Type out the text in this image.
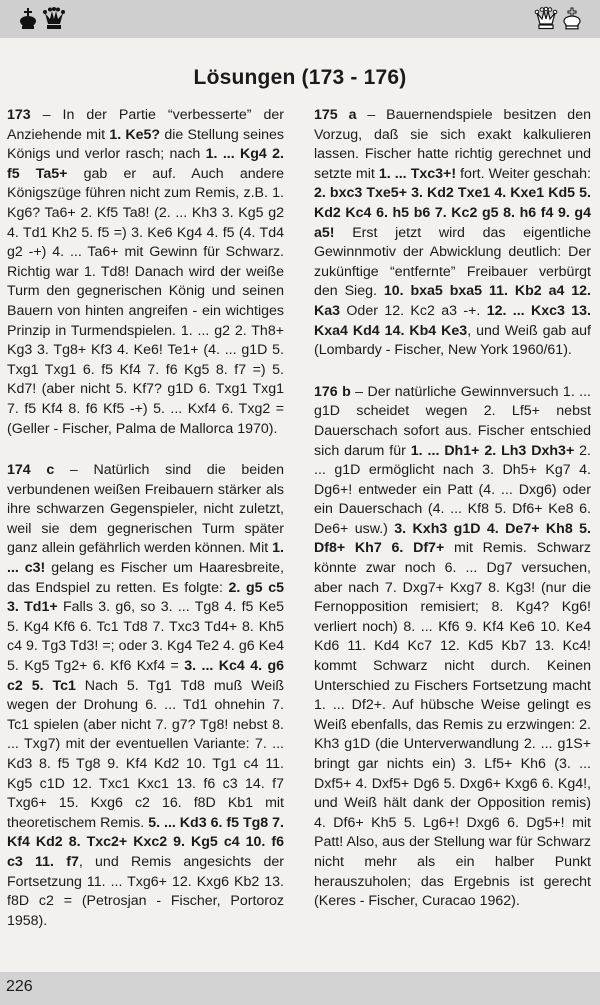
Lösungen (173 - 176)

173 – In der Partie “verbesserte” der Anziehende mit 1. Ke5? die Stellung seines Königs und verlor rasch; nach 1. ... Kg4 2. f5 Ta5+ gab er auf. Auch andere Königszüge führen nicht zum Remis, z.B. 1. Kg6? Ta6+ 2. Kf5 Ta8! (2. ... Kh3 3. Kg5 g2 4. Td1 Kh2 5. f5 =) 3. Ke6 Kg4 4. f5 (4. Td4 g2 -+) 4. ... Ta6+ mit Gewinn für Schwarz. Richtig war 1. Td8! Danach wird der weiße Turm den gegnerischen König und seinen Bauern von hinten angreifen - ein wichtiges Prinzip in Turmendspielen. 1. ... g2 2. Th8+ Kg3 3. Tg8+ Kf3 4. Ke6! Te1+ (4. ... g1D 5. Txg1 Txg1 6. f5 Kf4 7. f6 Kg5 8. f7 =) 5. Kd7! (aber nicht 5. Kf7? g1D 6. Txg1 Txg1 7. f5 Kf4 8. f6 Kf5 -+) 5. ... Kxf4 6. Txg2 = (Geller - Fischer, Palma de Mallorca 1970).

174 c – Natürlich sind die beiden verbundenen weißen Freibauern stärker als ihre schwarzen Gegenspieler, nicht zuletzt, weil sie dem gegnerischen Turm später ganz allein gefährlich werden können. Mit 1. ... c3! gelang es Fischer um Haaresbreite, das Endspiel zu retten. Es folgte: 2. g5 c5 3. Td1+ Falls 3. g6, so 3. ... Tg8 4. f5 Ke5 5. Kg4 Kf6 6. Tc1 Td8 7. Txc3 Td4+ 8. Kh5 c4 9. Tg3 Td3! =; oder 3. Kg4 Te2 4. g6 Ke4 5. Kg5 Tg2+ 6. Kf6 Kxf4 = 3. ... Kc4 4. g6 c2 5. Tc1 Nach 5. Tg1 Td8 muß Weiß wegen der Drohung 6. ... Td1 ohnehin 7. Tc1 spielen (aber nicht 7. g7? Tg8! nebst 8. ... Txg7) mit der eventuellen Variante: 7. ... Kd3 8. f5 Tg8 9. Kf4 Kd2 10. Tg1 c4 11. Kg5 c1D 12. Txc1 Kxc1 13. f6 c3 14. f7 Txg6+ 15. Kxg6 c2 16. f8D Kb1 mit theoretischem Remis. 5. ... Kd3 6. f5 Tg8 7. Kf4 Kd2 8. Txc2+ Kxc2 9. Kg5 c4 10. f6 c3 11. f7, und Remis angesichts der Fortsetzung 11. ... Txg6+ 12. Kxg6 Kb2 13. f8D c2 = (Petrosjan - Fischer, Portoroz 1958).

175 a – Bauernendspiele besitzen den Vorzug, daß sie sich exakt kalkulieren lassen. Fischer hatte richtig gerechnet und setzte mit 1. ... Txc3+! fort. Weiter geschah: 2. bxc3 Txe5+ 3. Kd2 Txe1 4. Kxe1 Kd5 5. Kd2 Kc4 6. h5 b6 7. Kc2 g5 8. h6 f4 9. g4 a5! Erst jetzt wird das eigentliche Gewinnmotiv der Abwicklung deutlich: Der zukünftige “entfernte” Freibauer verbürgt den Sieg. 10. bxa5 bxa5 11. Kb2 a4 12. Ka3 Oder 12. Kc2 a3 -+. 12. ... Kxc3 13. Kxa4 Kd4 14. Kb4 Ke3, und Weiß gab auf (Lombardy - Fischer, New York 1960/61).

176 b – Der natürliche Gewinnversuch 1. ... g1D scheidet wegen 2. Lf5+ nebst Dauerschach sofort aus. Fischer entschied sich darum für 1. ... Dh1+ 2. Lh3 Dxh3+ 2. ... g1D ermöglicht nach 3. Dh5+ Kg7 4. Dg6+! entweder ein Patt (4. ... Dxg6) oder ein Dauerschach (4. ... Kf8 5. Df6+ Ke8 6. De6+ usw.) 3. Kxh3 g1D 4. De7+ Kh8 5. Df8+ Kh7 6. Df7+ mit Remis. Schwarz könnte zwar noch 6. ... Dg7 versuchen, aber nach 7. Dxg7+ Kxg7 8. Kg3! (nur die Fernopposition remisiert; 8. Kg4? Kg6! verliert noch) 8. ... Kf6 9. Kf4 Ke6 10. Ke4 Kd6 11. Kd4 Kc7 12. Kd5 Kb7 13. Kc4! kommt Schwarz nicht durch. Keinen Unterschied zu Fischers Fortsetzung macht 1. ... Df2+. Auf hübsche Weise gelingt es Weiß ebenfalls, das Remis zu erzwingen: 2. Kh3 g1D (die Unterverwandlung 2. ... g1S+ bringt gar nichts ein) 3. Lf5+ Kh6 (3. ... Dxf5+ 4. Dxf5+ Dg6 5. Dxg6+ Kxg6 6. Kg4!, und Weiß hält dank der Opposition remis) 4. Df6+ Kh5 5. Lg6+! Dxg6 6. Dg5+! mit Patt! Also, aus der Stellung war für Schwarz nicht mehr als ein halber Punkt herauszuholen; das Ergebnis ist gerecht (Keres - Fischer, Curacao 1962).

226
